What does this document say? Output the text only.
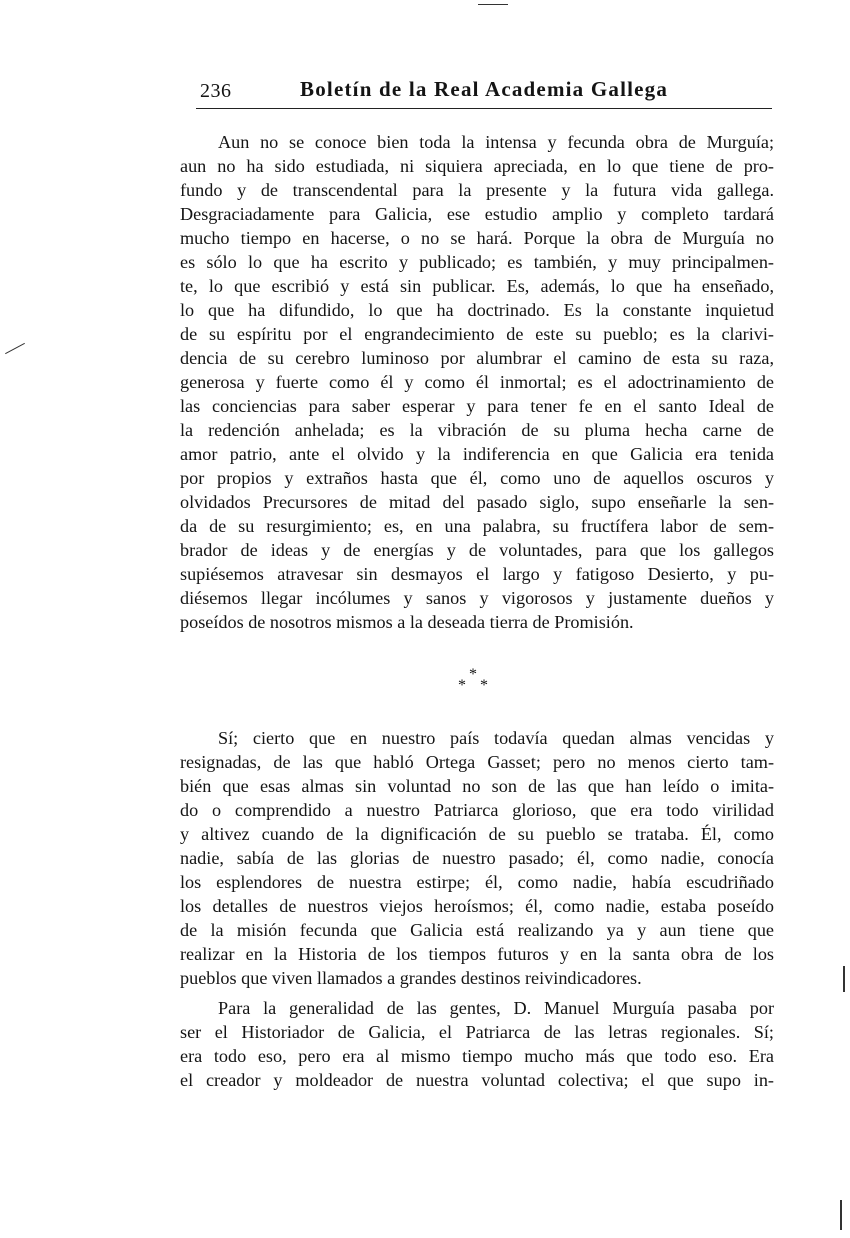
236	Boletín de la Real Academia Gallega
Aun no se conoce bien toda la intensa y fecunda obra de Murguía;
aun no ha sido estudiada, ni siquiera apreciada, en lo que tiene de pro-
fundo y de transcendental para la presente y la futura vida gallega.
Desgraciadamente para Galicia, ese estudio amplio y completo tardará
mucho tiempo en hacerse, o no se hará. Porque la obra de Murguía no
es sólo lo que ha escrito y publicado; es también, y muy principalmen-
te, lo que escribió y está sin publicar. Es, además, lo que ha enseñado,
lo que ha difundido, lo que ha doctrinado. Es la constante inquietud
de su espíritu por el engrandecimiento de este su pueblo; es la clarivi-
dencia de su cerebro luminoso por alumbrar el camino de esta su raza,
generosa y fuerte como él y como él inmortal; es el adoctrinamiento de
las conciencias para saber esperar y para tener fe en el santo Ideal de
la redención anhelada; es la vibración de su pluma hecha carne de
amor patrio, ante el olvido y la indiferencia en que Galicia era tenida
por propios y extraños hasta que él, como uno de aquellos oscuros y
olvidados Precursores de mitad del pasado siglo, supo enseñarle la sen-
da de su resurgimiento; es, en una palabra, su fructífera labor de sem-
brador de ideas y de energías y de voluntades, para que los gallegos
supiésemos atravesar sin desmayos el largo y fatigoso Desierto, y pu-
diésemos llegar incólumes y sanos y vigorosos y justamente dueños y
poseídos de nosotros mismos a la deseada tierra de Promisión.
*
* *
Sí; cierto que en nuestro país todavía quedan almas vencidas y
resignadas, de las que habló Ortega Gasset; pero no menos cierto tam-
bién que esas almas sin voluntad no son de las que han leído o imita-
do o comprendido a nuestro Patriarca glorioso, que era todo virilidad
y altivez cuando de la dignificación de su pueblo se trataba. Él, como
nadie, sabía de las glorias de nuestro pasado; él, como nadie, conocía
los esplendores de nuestra estirpe; él, como nadie, había escudriñado
los detalles de nuestros viejos heroísmos; él, como nadie, estaba poseído
de la misión fecunda que Galicia está realizando ya y aun tiene que
realizar en la Historia de los tiempos futuros y en la santa obra de los
pueblos que viven llamados a grandes destinos reivindicadores.
Para la generalidad de las gentes, D. Manuel Murguía pasaba por
ser el Historiador de Galicia, el Patriarca de las letras regionales. Sí;
era todo eso, pero era al mismo tiempo mucho más que todo eso. Era
el creador y moldeador de nuestra voluntad colectiva; el que supo in-
